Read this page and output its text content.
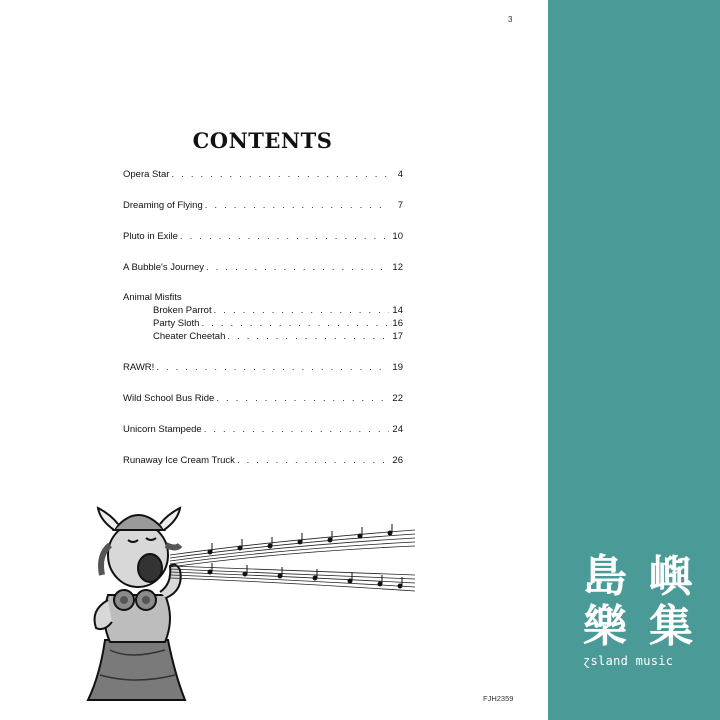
3
CONTENTS
Opera Star . . .	4
Dreaming of Flying . . .	7
Pluto in Exile . . .	10
A Bubble's Journey . . .	12
Animal Misfits
Broken Parrot . . .	14
Party Sloth . . .	16
Cheater Cheetah . . .	17
RAWR! . . .	19
Wild School Bus Ride . . .	22
Unicorn Stampede . . .	24
Runaway Ice Cream Truck . . .	26
FJH2359
島 嶼
樂 集
ɀsland music
